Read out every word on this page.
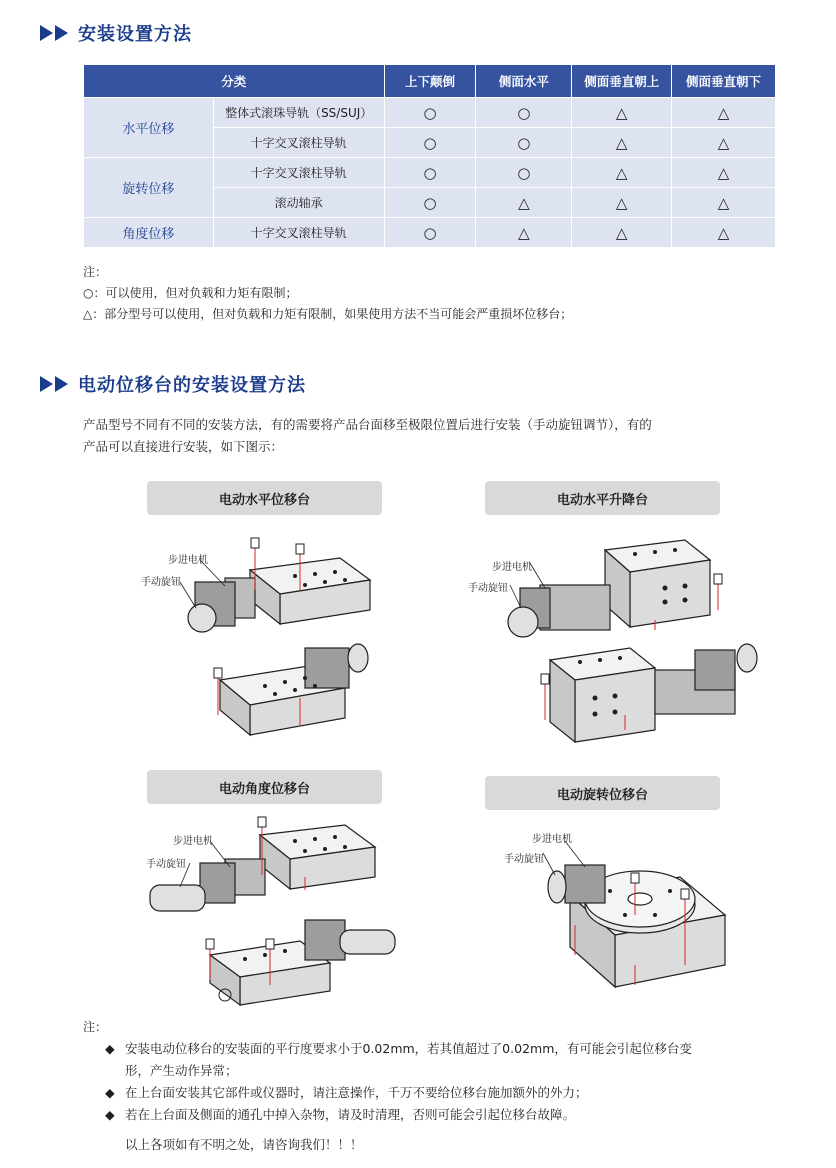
安装设置方法
分类		上下颠倒	侧面水平	侧面垂直朝上	侧面垂直朝下
水平位移	整体式滚珠导轨（SS/SUJ）	○	○	△	△
	十字交叉滚柱导轨	○	○	△	△
旋转位移	十字交叉滚柱导轨	○	○	△	△
	滚动轴承	○	△	△	△
角度位移	十字交叉滚柱导轨	○	△	△	△
注：
○：可以使用，但对负载和力矩有限制；
△：部分型号可以使用，但对负载和力矩有限制，如果使用方法不当可能会严重损坏位移台；
电动位移台的安装设置方法
产品型号不同有不同的安装方法，有的需要将产品台面移至极限位置后进行安装（手动旋钮调节），有的
产品可以直接进行安装，如下图示：
电动水平位移台	电动水平升降台
电动角度位移台	电动旋转位移台
步进电机
手动旋钮
步进电机
手动旋钮
步进电机
手动旋钮
步进电机
手动旋钮
注：
◆ 安装电动位移台的安装面的平行度要求小于0.02mm，若其值超过了0.02mm，有可能会引起位移台变
形，产生动作异常；
◆ 在上台面安装其它部件或仪器时，请注意操作，千万不要给位移台施加额外的外力；
◆ 若在上台面及侧面的通孔中掉入杂物，请及时清理，否则可能会引起位移台故障。
以上各项如有不明之处，请咨询我们！！！
